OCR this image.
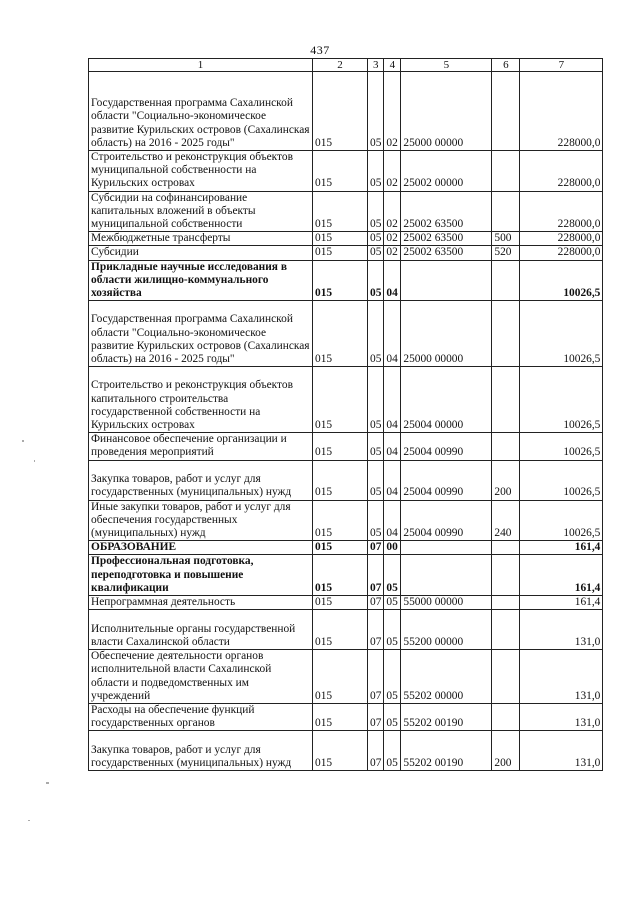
437
1	2	3	4	5	6	7
Государственная программа Сахалинской области "Социально-экономическое развитие Курильских островов (Сахалинская область) на 2016 - 2025 годы"	015	05	02	25000 00000		228000,0
Строительство и реконструкция объектов муниципальной собственности на Курильских островах	015	05	02	25002 00000		228000,0
Субсидии на софинансирование капитальных вложений в объекты муниципальной собственности	015	05	02	25002 63500		228000,0
Межбюджетные трансферты	015	05	02	25002 63500	500	228000,0
Субсидии	015	05	02	25002 63500	520	228000,0
Прикладные научные исследования в области жилищно-коммунального хозяйства	015	05	04			10026,5
Государственная программа Сахалинской области "Социально-экономическое развитие Курильских островов (Сахалинская область) на 2016 - 2025 годы"	015	05	04	25000 00000		10026,5
Строительство и реконструкция объектов капитального строительства государственной собственности на Курильских островах	015	05	04	25004 00000		10026,5
Финансовое обеспечение организации и проведения мероприятий	015	05	04	25004 00990		10026,5
Закупка товаров, работ и услуг для государственных (муниципальных) нужд	015	05	04	25004 00990	200	10026,5
Иные закупки товаров, работ и услуг для обеспечения государственных (муниципальных) нужд	015	05	04	25004 00990	240	10026,5
ОБРАЗОВАНИЕ	015	07	00			161,4
Профессиональная подготовка, переподготовка и повышение квалификации	015	07	05			161,4
Непрограммная деятельность	015	07	05	55000 00000		161,4
Исполнительные органы государственной власти Сахалинской области	015	07	05	55200 00000		131,0
Обеспечение деятельности органов исполнительной власти Сахалинской области и подведомственных им учреждений	015	07	05	55202 00000		131,0
Расходы на обеспечение функций государственных органов	015	07	05	55202 00190		131,0
Закупка товаров, работ и услуг для государственных (муниципальных) нужд	015	07	05	55202 00190	200	131,0
